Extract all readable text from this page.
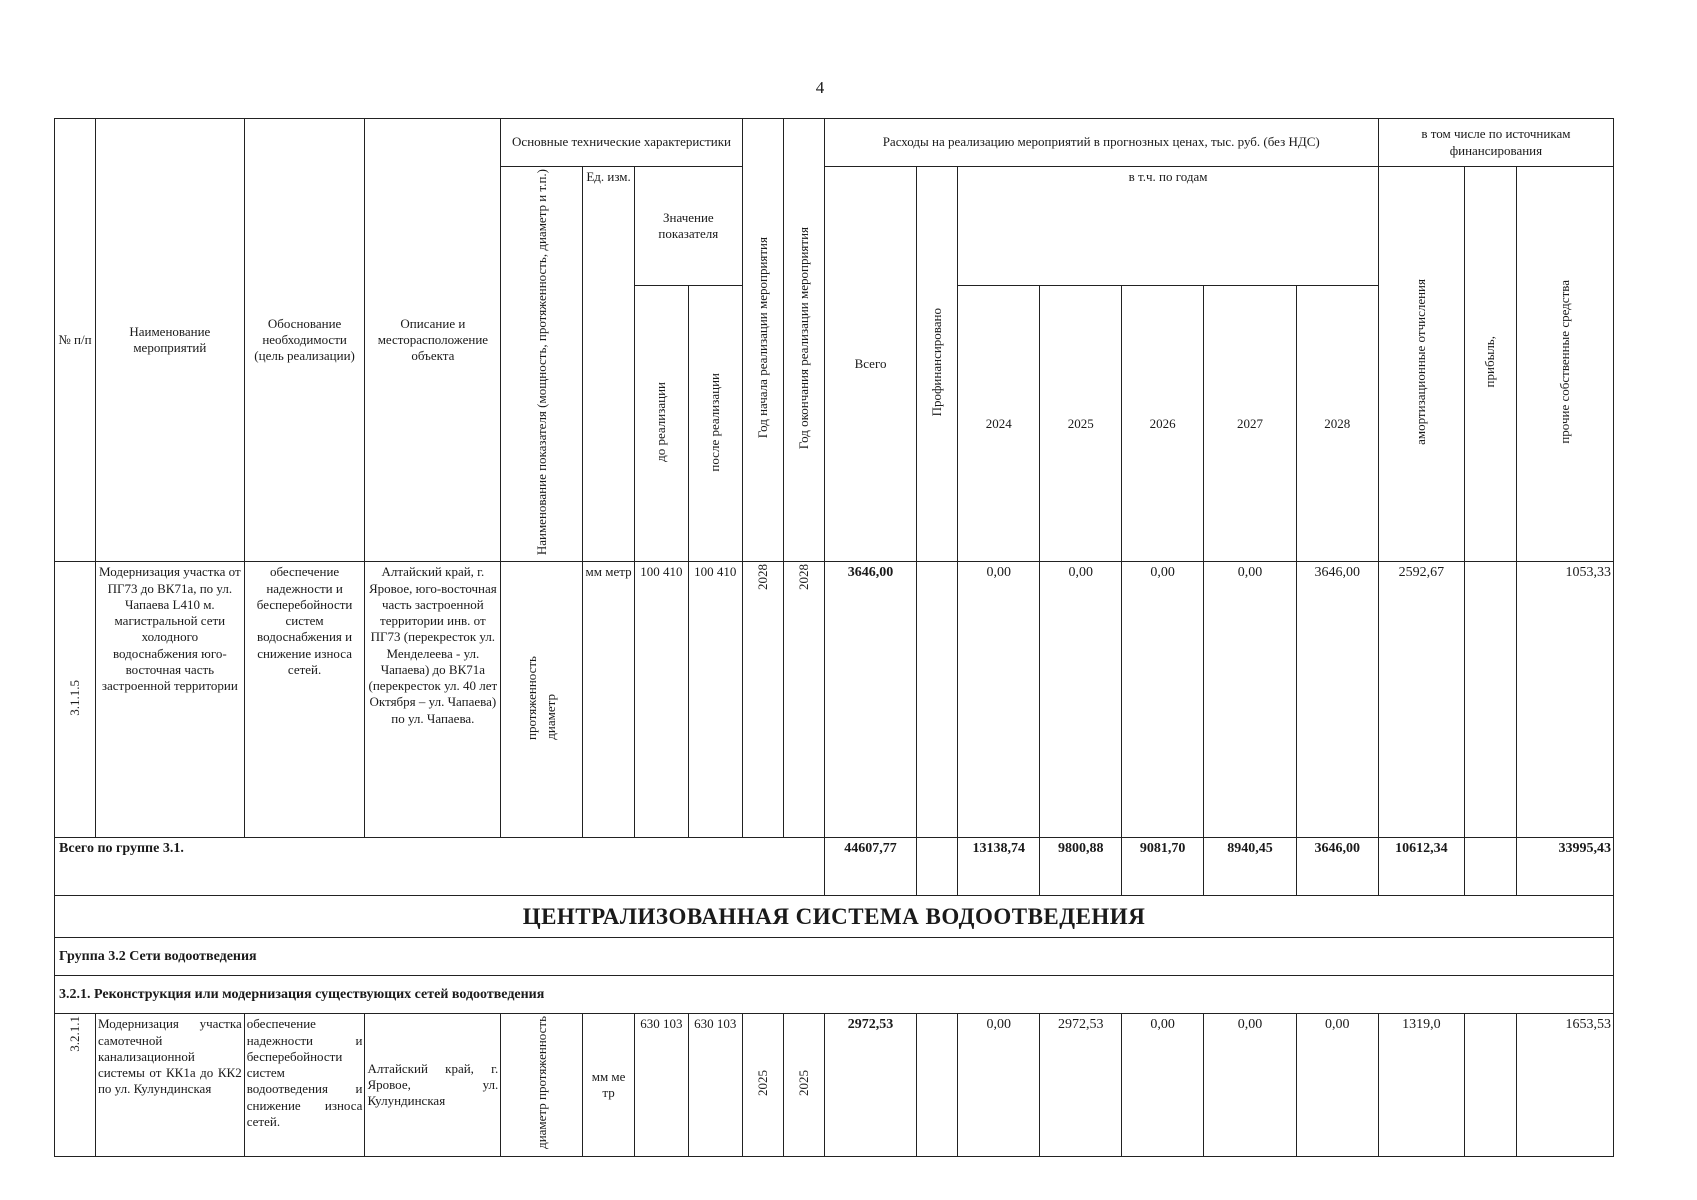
4
№ п/п	Наименование мероприятий	Обоснование необходимости (цель реализации)	Описание и месторасположение объекта	Основные технические характеристики				Год начала реализации мероприятия	Год окончания реализации мероприятия	Расходы на реализацию мероприятий в прогнозных ценах, тыс. руб. (без НДС)							в том числе по источникам финансирования		
				Наименование показателя (мощность, протяженность, диаметр и т.п.)	Ед. изм.	Значение показателя				Всего	Профинансировано	в т.ч. по годам					амортизационные отчисления	прибыль,	прочие собственные средства
						до реализации	после реализации					2024	2025	2026	2027	2028			
3.1.1.5	Модернизация участка от ПГ73 до ВК71а, по ул. Чапаева L410 м. магистральной сети холодного водоснабжения юго-восточная часть застроенной территории	обеспечение надежности и бесперебойности систем водоснабжения и снижение износа сетей.	Алтайский край, г. Яровое, юго-восточная часть застроенной территории инв. от ПГ73 (перекресток ул. Менделеева - ул. Чапаева) до ВК71а (перекресток ул. 40 лет Октября – ул. Чапаева) по ул. Чапаева.	протяженность диаметр	мм метр	100 410	100 410	2028	2028	3646,00		0,00	0,00	0,00	0,00	3646,00	2592,67		1053,33
Всего по группе 3.1.										44607,77		13138,74	9800,88	9081,70	8940,45	3646,00	10612,34		33995,43
ЦЕНТРАЛИЗОВАННАЯ СИСТЕМА ВОДООТВЕДЕНИЯ																			
Группа 3.2 Сети водоотведения																			
3.2.1. Реконструкция или модернизация существующих сетей водоотведения																			
3.2.1.1	Модернизация участка самотечной канализационной системы от КК1а до КК2 по ул. Кулундинская	обеспечение надежности и бесперебойности систем водоотведения и снижение износа сетей.	Алтайский край, г. Яровое, ул. Кулундинская	диаметр протяженность	мм ме тр	630 103	630 103	2025	2025	2972,53		0,00	2972,53	0,00	0,00	0,00	1319,0		1653,53
